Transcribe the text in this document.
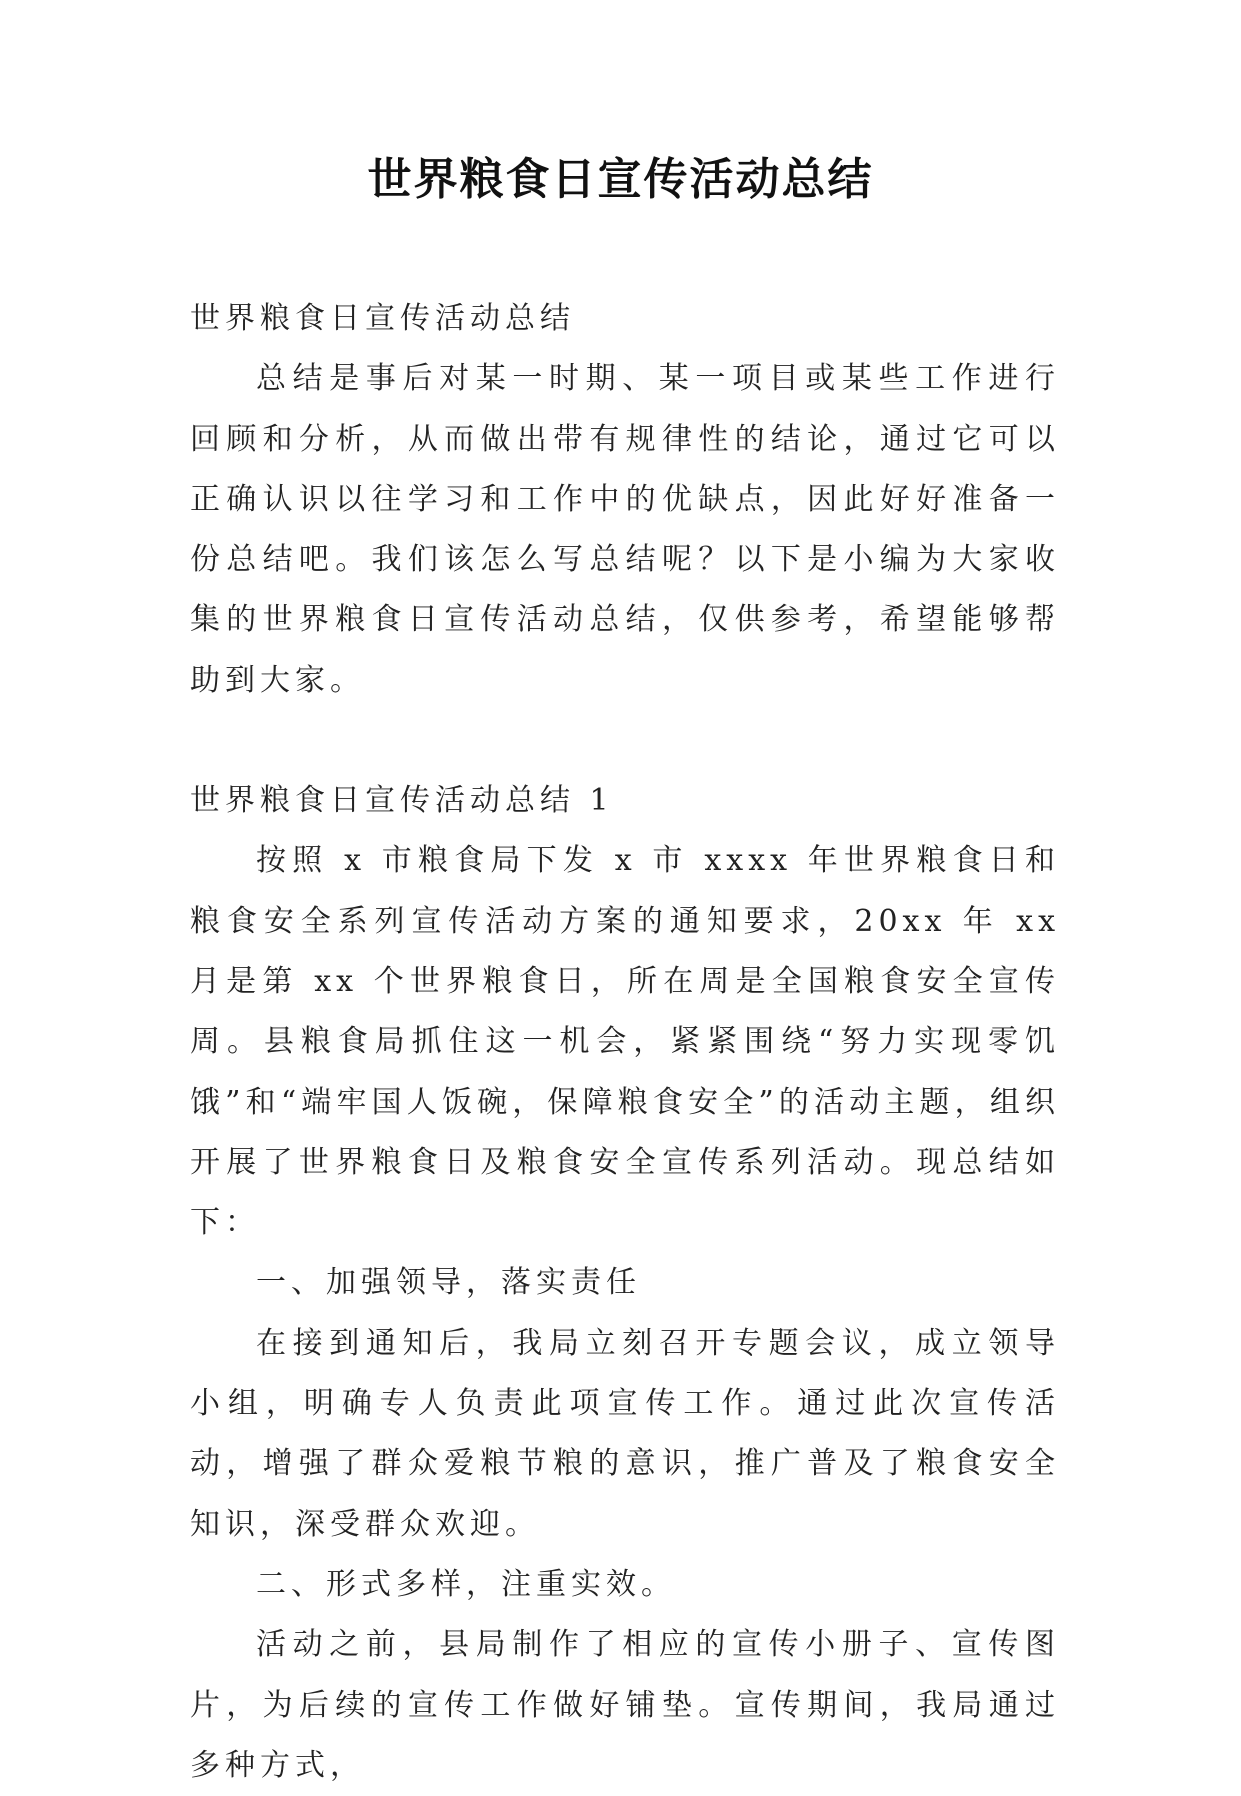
世界粮食日宣传活动总结

世界粮食日宣传活动总结

总结是事后对某一时期、某一项目或某些工作进行回顾和分析，从而做出带有规律性的结论，通过它可以正确认识以往学习和工作中的优缺点，因此好好准备一份总结吧。我们该怎么写总结呢？以下是小编为大家收集的世界粮食日宣传活动总结，仅供参考，希望能够帮助到大家。

世界粮食日宣传活动总结 1

按照 x 市粮食局下发 x 市 xxxx 年世界粮食日和粮食安全系列宣传活动方案的通知要求，20xx 年 xx 月是第 xx 个世界粮食日，所在周是全国粮食安全宣传周。县粮食局抓住这一机会，紧紧围绕“努力实现零饥饿”和“端牢国人饭碗，保障粮食安全”的活动主题，组织开展了世界粮食日及粮食安全宣传系列活动。现总结如下：

一、加强领导，落实责任

在接到通知后，我局立刻召开专题会议，成立领导小组，明确专人负责此项宣传工作。通过此次宣传活动，增强了群众爱粮节粮的意识，推广普及了粮食安全知识，深受群众欢迎。

二、形式多样，注重实效。

活动之前，县局制作了相应的宣传小册子、宣传图片，为后续的宣传工作做好铺垫。宣传期间，我局通过多种方式，
